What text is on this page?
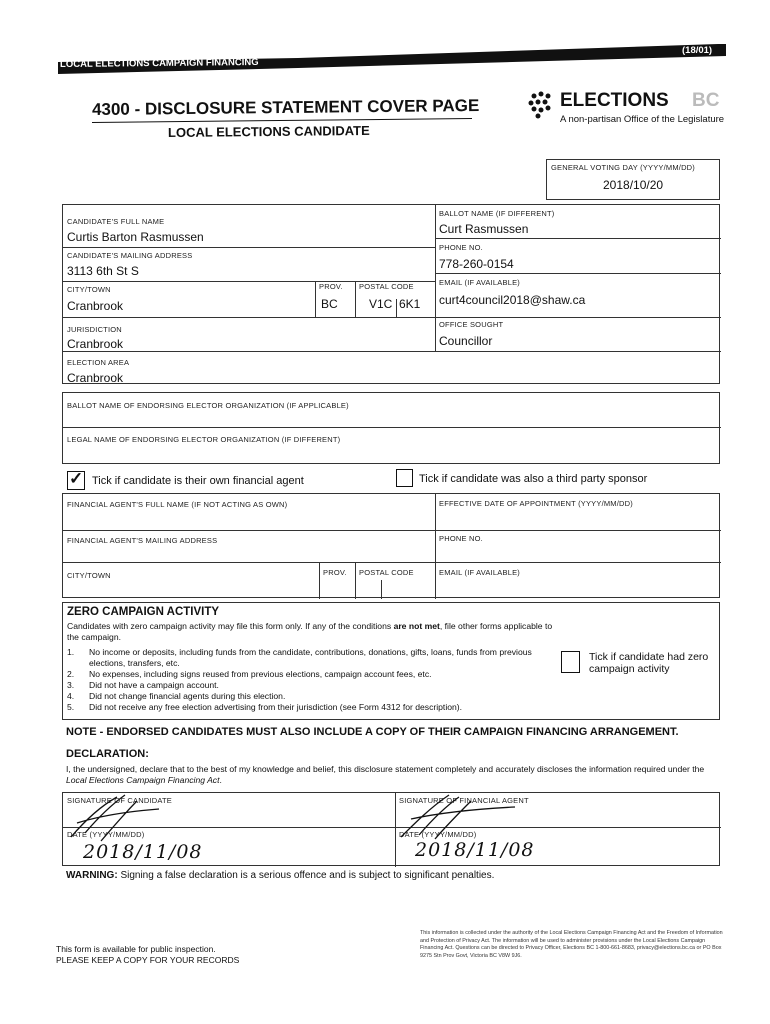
LOCAL ELECTIONS CAMPAIGN FINANCING
(18/01)
4300 - DISCLOSURE STATEMENT COVER PAGE
LOCAL ELECTIONS CANDIDATE
ELECTIONS BC
A non-partisan Office of the Legislature
GENERAL VOTING DAY (YYYY/MM/DD)
2018/10/20
CANDIDATE'S FULL NAME
Curtis Barton Rasmussen
BALLOT NAME (IF DIFFERENT)
Curt Rasmussen
CANDIDATE'S MAILING ADDRESS
3113 6th St S
PHONE NO.
778-260-0154
CITY/TOWN
Cranbrook
PROV.
BC
POSTAL CODE
V1C 6K1
EMAIL (IF AVAILABLE)
curt4council2018@shaw.ca
JURISDICTION
Cranbrook
OFFICE SOUGHT
Councillor
ELECTION AREA
Cranbrook
BALLOT NAME OF ENDORSING ELECTOR ORGANIZATION (IF APPLICABLE)
LEGAL NAME OF ENDORSING ELECTOR ORGANIZATION (IF DIFFERENT)
✓ Tick if candidate is their own financial agent	Tick if candidate was also a third party sponsor
FINANCIAL AGENT'S FULL NAME (IF NOT ACTING AS OWN)	EFFECTIVE DATE OF APPOINTMENT (YYYY/MM/DD)
FINANCIAL AGENT'S MAILING ADDRESS	PHONE NO.
CITY/TOWN	PROV. POSTAL CODE	EMAIL (IF AVAILABLE)
ZERO CAMPAIGN ACTIVITY
Candidates with zero campaign activity may file this form only. If any of the conditions are not met, file other forms applicable to the campaign.
1.	No income or deposits, including funds from the candidate, contributions, donations, gifts, loans, funds from previous elections, transfers, etc.
2.	No expenses, including signs reused from previous elections, campaign account fees, etc.
3.	Did not have a campaign account.
4.	Did not change financial agents during this election.
5.	Did not receive any free election advertising from their jurisdiction (see Form 4312 for description).
Tick if candidate had zero campaign activity
NOTE - ENDORSED CANDIDATES MUST ALSO INCLUDE A COPY OF THEIR CAMPAIGN FINANCING ARRANGEMENT.
DECLARATION:
I, the undersigned, declare that to the best of my knowledge and belief, this disclosure statement completely and accurately discloses the information required under the Local Elections Campaign Financing Act.
SIGNATURE OF CANDIDATE	SIGNATURE OF FINANCIAL AGENT
DATE (YYYY/MM/DD)	DATE (YYYY/MM/DD)
2018/11/08	2018/11/08
WARNING: Signing a false declaration is a serious offence and is subject to significant penalties.
This form is available for public inspection.
PLEASE KEEP A COPY FOR YOUR RECORDS
This information is collected under the authority of the Local Elections Campaign Financing Act and the Freedom of Information and Protection of Privacy Act. The information will be used to administer provisions under the Local Elections Campaign Financing Act. Questions can be directed to Privacy Officer, Elections BC 1-800-661-8683, privacy@elections.bc.ca or PO Box 9275 Stn Prov Govt, Victoria BC V8W 9J6.
